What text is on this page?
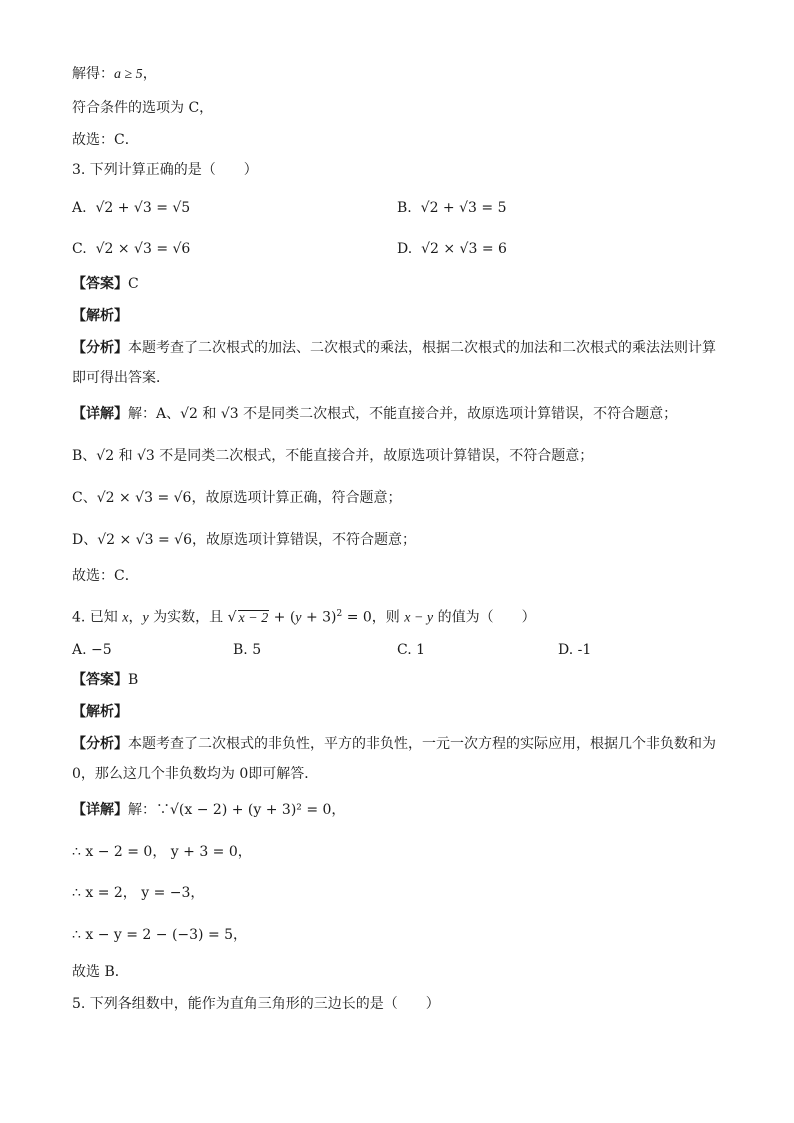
解得：a ≥ 5，
符合条件的选项为 C，
故选：C．
3. 下列计算正确的是（　　）
A. √2 + √3 = √5	B. √2 + √3 = 5
C. √2 × √3 = √6	D. √2 × √3 = 6
【答案】C
【解析】
【分析】本题考查了二次根式的加法、二次根式的乘法，根据二次根式的加法和二次根式的乘法法则计算
即可得出答案．
【详解】解：A、√2 和 √3 不是同类二次根式，不能直接合并，故原选项计算错误，不符合题意；
B、√2 和 √3 不是同类二次根式，不能直接合并，故原选项计算错误，不符合题意；
C、√2 × √3 = √6，故原选项计算正确，符合题意；
D、√2 × √3 = √6，故原选项计算错误，不符合题意；
故选：C．
4. 已知 x，y 为实数，且 √ $x - 2 + (y + 3)^2 = 0$，则 x − y 的值为（　　）
A. −5	B. 5	C. 1	D. -1
【答案】B
【解析】
【分析】本题考查了二次根式的非负性，平方的非负性，一元一次方程的实际应用，根据几个非负数和为
0，那么这几个非负数均为 0即可解答．
【详解】解：∵√(x − 2) + (y + 3)² = 0，
∴ x − 2 = 0， y + 3 = 0，
∴ x = 2， y = −3，
∴ x − y = 2 − (−3) = 5，
故选 B．
5. 下列各组数中，能作为直角三角形的三边长的是（　　）
